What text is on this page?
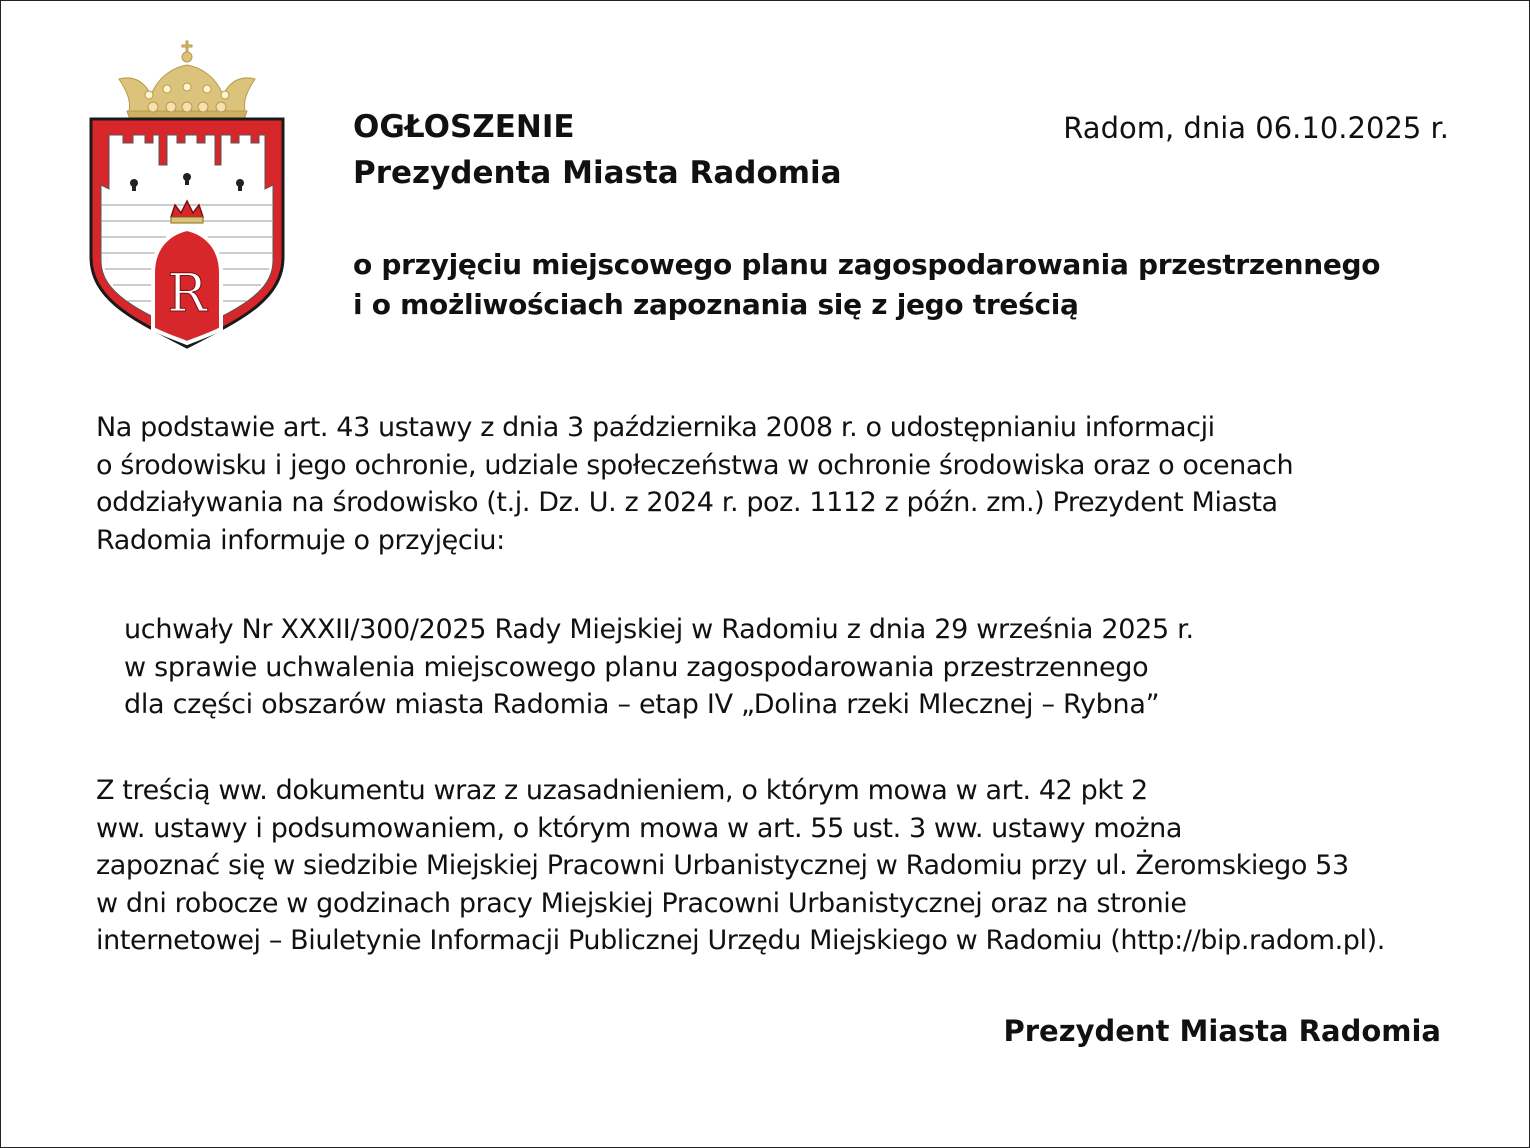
R
OGŁOSZENIE
Prezydenta Miasta Radomia
Radom, dnia 06.10.2025 r.
o przyjęciu miejscowego planu zagospodarowania przestrzennego
i o możliwościach zapoznania się z jego treścią

Na podstawie art. 43 ustawy z dnia 3 października 2008 r. o udostępnianiu informacji
o środowisku i jego ochronie, udziale społeczeństwa w ochronie środowiska oraz o ocenach
oddziaływania na środowisko (t.j. Dz. U. z 2024 r. poz. 1112 z późn. zm.) Prezydent Miasta
Radomia informuje o przyjęciu:

uchwały Nr XXXII/300/2025 Rady Miejskiej w Radomiu z dnia 29 września 2025 r.
w sprawie uchwalenia miejscowego planu zagospodarowania przestrzennego
dla części obszarów miasta Radomia – etap IV „Dolina rzeki Mlecznej – Rybna”

Z treścią ww. dokumentu wraz z uzasadnieniem, o którym mowa w art. 42 pkt 2
ww. ustawy i podsumowaniem, o którym mowa w art. 55 ust. 3 ww. ustawy można
zapoznać się w siedzibie Miejskiej Pracowni Urbanistycznej w Radomiu przy ul. Żeromskiego 53
w dni robocze w godzinach pracy Miejskiej Pracowni Urbanistycznej oraz na stronie
internetowej – Biuletynie Informacji Publicznej Urzędu Miejskiego w Radomiu (http://bip.radom.pl).

Prezydent Miasta Radomia
